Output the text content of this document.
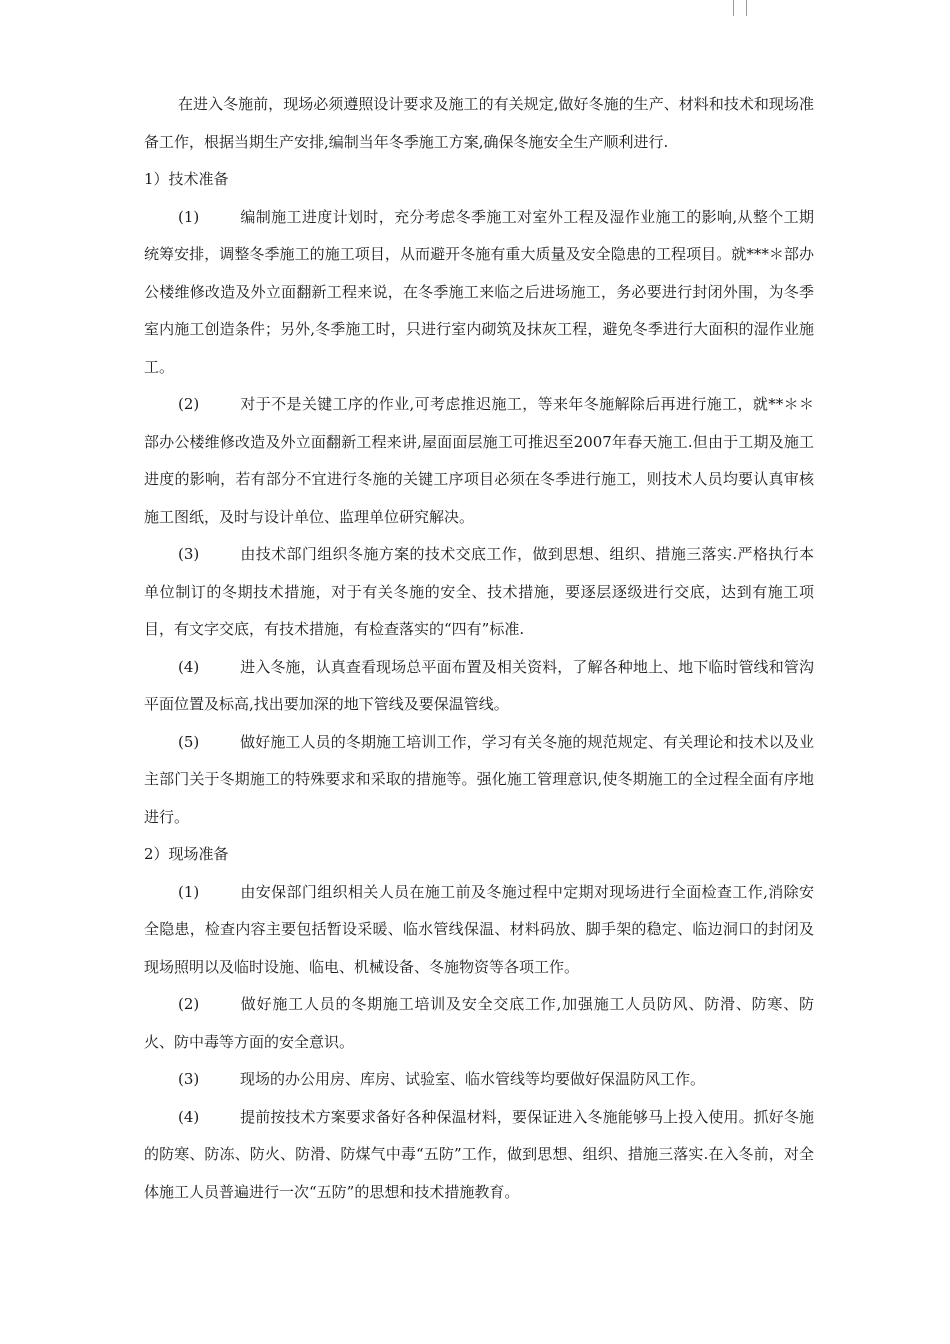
在进入冬施前，现场必须遵照设计要求及施工的有关规定,做好冬施的生产、材料和技术和现场准备工作，根据当期生产安排,编制当年冬季施工方案,确保冬施安全生产顺利进行.

1）技术准备

(1)	编制施工进度计划时，充分考虑冬季施工对室外工程及湿作业施工的影响,从整个工期统筹安排，调整冬季施工的施工项目，从而避开冬施有重大质量及安全隐患的工程项目。就***＊部办公楼维修改造及外立面翻新工程来说，在冬季施工来临之后进场施工，务必要进行封闭外围，为冬季室内施工创造条件；另外,冬季施工时，只进行室内砌筑及抹灰工程，避免冬季进行大面积的湿作业施工。

(2)	对于不是关键工序的作业,可考虑推迟施工，等来年冬施解除后再进行施工，就**＊＊部办公楼维修改造及外立面翻新工程来讲,屋面面层施工可推迟至2007年春天施工.但由于工期及施工进度的影响，若有部分不宜进行冬施的关键工序项目必须在冬季进行施工，则技术人员均要认真审核施工图纸，及时与设计单位、监理单位研究解决。

(3)	由技术部门组织冬施方案的技术交底工作，做到思想、组织、措施三落实.严格执行本单位制订的冬期技术措施，对于有关冬施的安全、技术措施，要逐层逐级进行交底，达到有施工项目，有文字交底，有技术措施，有检查落实的“四有”标准.

(4)	进入冬施，认真查看现场总平面布置及相关资料，了解各种地上、地下临时管线和管沟平面位置及标高,找出要加深的地下管线及要保温管线。

(5)	做好施工人员的冬期施工培训工作，学习有关冬施的规范规定、有关理论和技术以及业主部门关于冬期施工的特殊要求和采取的措施等。强化施工管理意识,使冬期施工的全过程全面有序地进行。

2）现场准备

(1)	由安保部门组织相关人员在施工前及冬施过程中定期对现场进行全面检查工作,消除安全隐患，检查内容主要包括暂设采暖、临水管线保温、材料码放、脚手架的稳定、临边洞口的封闭及现场照明以及临时设施、临电、机械设备、冬施物资等各项工作。

(2)	做好施工人员的冬期施工培训及安全交底工作,加强施工人员防风、防滑、防寒、防火、防中毒等方面的安全意识。

(3)	现场的办公用房、库房、试验室、临水管线等均要做好保温防风工作。

(4)	提前按技术方案要求备好各种保温材料，要保证进入冬施能够马上投入使用。抓好冬施的防寒、防冻、防火、防滑、防煤气中毒“五防”工作，做到思想、组织、措施三落实.在入冬前，对全体施工人员普遍进行一次“五防”的思想和技术措施教育。
